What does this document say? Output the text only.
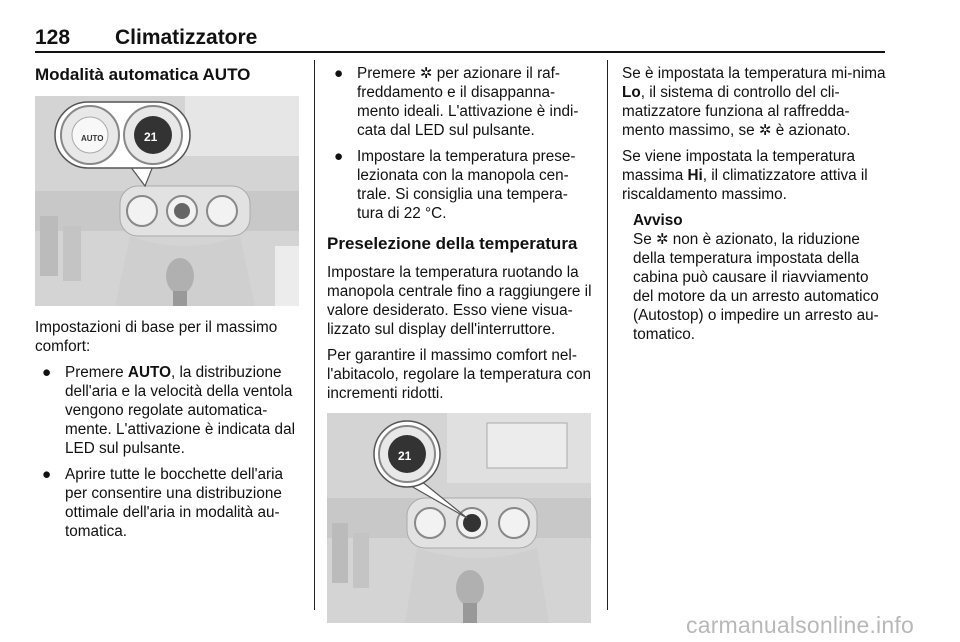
128 Climatizzatore
Modalità automatica AUTO
AUTO	21

Impostazioni di base per il massimo comfort:

● Premere AUTO, la distribuzione dell'aria e la velocità della ventola vengono regolate automatica-mente. L'attivazione è indicata dal LED sul pulsante.
● Aprire tutte le bocchette dell'aria per consentire una distribuzione ottimale dell'aria in modalità au-tomatica.
● Premere ✲ per azionare il raf-freddamento e il disappanna-mento ideali. L'attivazione è indi-cata dal LED sul pulsante.
● Impostare la temperatura prese-lezionata con la manopola cen-trale. Si consiglia una tempera-tura di 22 °C.
Preselezione della temperatura

Impostare la temperatura ruotando la manopola centrale fino a raggiungere il valore desiderato. Esso viene visua-lizzato sul display dell'interruttore.

Per garantire il massimo comfort nel-l'abitacolo, regolare la temperatura con incrementi ridotti.

21

Se è impostata la temperatura mi-nima Lo, il sistema di controllo del cli-matizzatore funziona al raffredda-mento massimo, se ✲ è azionato.

Se viene impostata la temperatura massima Hi, il climatizzatore attiva il riscaldamento massimo.

Avviso
Se ✲ non è azionato, la riduzione della temperatura impostata della cabina può causare il riavviamento del motore da un arresto automatico (Autostop) o impedire un arresto au-tomatico.
carmanualsonline.info
